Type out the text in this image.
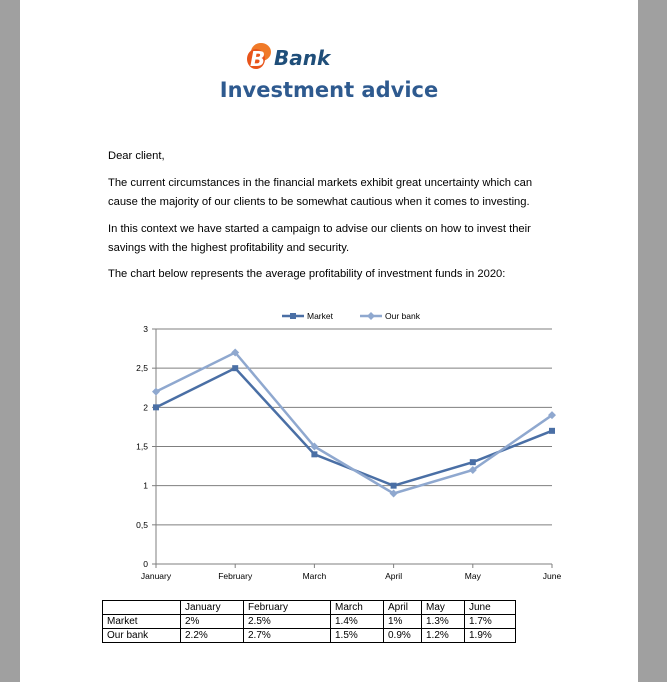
B Bank
Investment advice
Dear client,
The current circumstances in the financial markets exhibit great uncertainty which can cause the majority of our clients to be somewhat cautious when it comes to investing.
In this context we have started a campaign to advise our clients on how to invest their savings with the highest profitability and security.
The chart below represents the average profitability of investment funds in 2020:
0
0,5
1
1,5
2
2,5
3
January	February	March	April	May	June
Market	Our bank
	January	February	March	April	May	June
Market	2%	2.5%	1.4%	1%	1.3%	1.7%
Our bank	2.2%	2.7%	1.5%	0.9%	1.2%	1.9%
